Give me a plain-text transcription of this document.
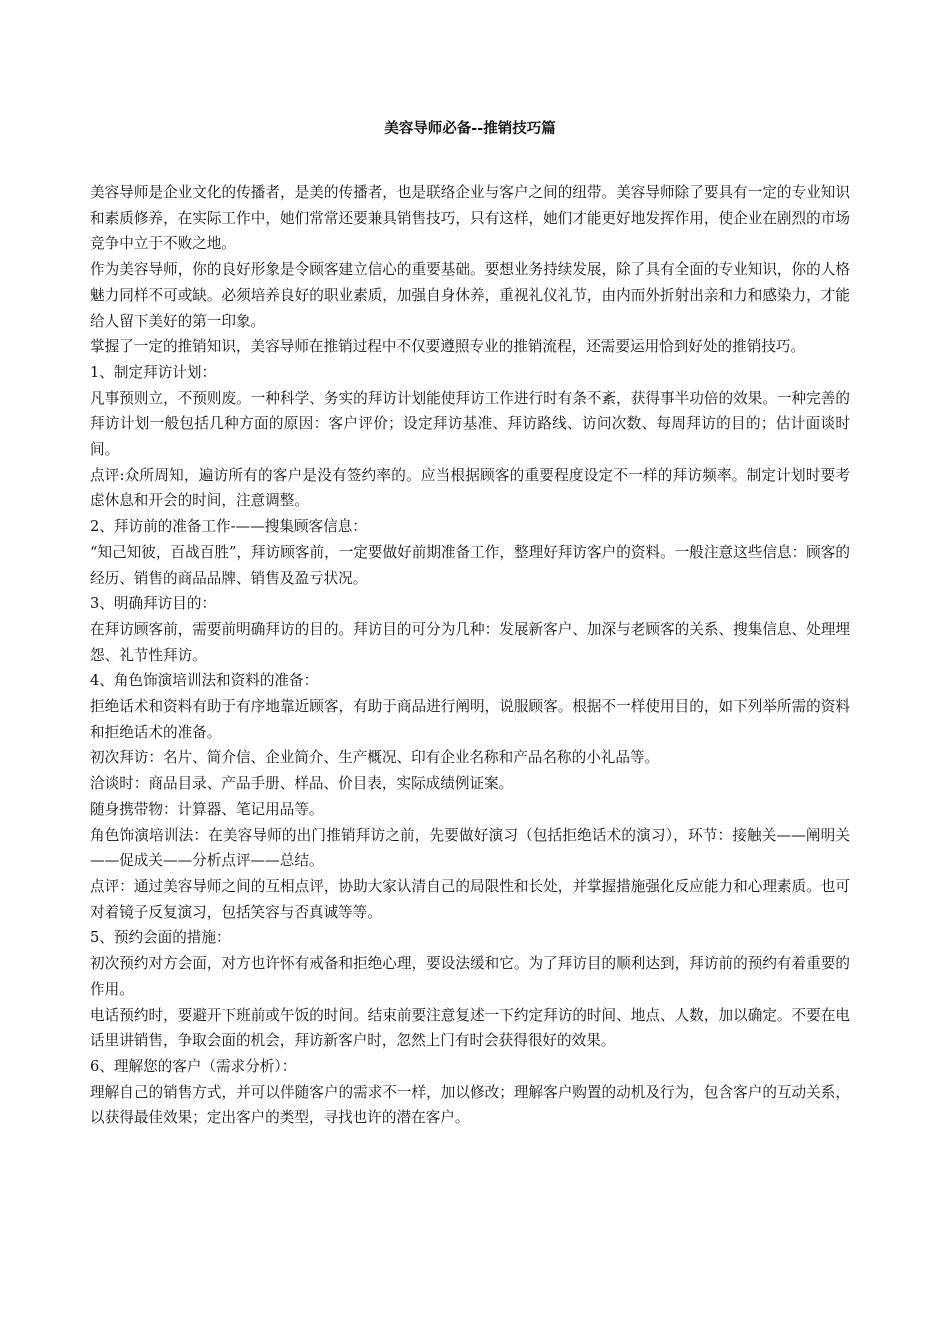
美容导师必备--推销技巧篇

美容导师是企业文化的传播者，是美的传播者，也是联络企业与客户之间的纽带。美容导师除了要具有一定的专业知识和素质修养，在实际工作中，她们常常还要兼具销售技巧，只有这样，她们才能更好地发挥作用，使企业在剧烈的市场竞争中立于不败之地。

作为美容导师，你的良好形象是令顾客建立信心的重要基础。要想业务持续发展，除了具有全面的专业知识，你的人格魅力同样不可或缺。必须培养良好的职业素质，加强自身休养，重视礼仪礼节，由内而外折射出亲和力和感染力，才能给人留下美好的第一印象。

掌握了一定的推销知识，美容导师在推销过程中不仅要遵照专业的推销流程，还需要运用恰到好处的推销技巧。

1、制定拜访计划：

凡事预则立，不预则废。一种科学、务实的拜访计划能使拜访工作进行时有条不紊，获得事半功倍的效果。一种完善的拜访计划一般包括几种方面的原因：客户评价；设定拜访基准、拜访路线、访问次数、每周拜访的目的；估计面谈时间。

点评:众所周知，遍访所有的客户是没有签约率的。应当根据顾客的重要程度设定不一样的拜访频率。制定计划时要考虑休息和开会的时间，注意调整。

2、拜访前的准备工作-——搜集顾客信息：

“知己知彼，百战百胜”，拜访顾客前，一定要做好前期准备工作，整理好拜访客户的资料。一般注意这些信息：顾客的经历、销售的商品品牌、销售及盈亏状况。

3、明确拜访目的：

在拜访顾客前，需要前明确拜访的目的。拜访目的可分为几种：发展新客户、加深与老顾客的关系、搜集信息、处理埋怨、礼节性拜访。

4、角色饰演培训法和资料的准备：

拒绝话术和资料有助于有序地靠近顾客，有助于商品进行阐明，说服顾客。根据不一样使用目的，如下列举所需的资料和拒绝话术的准备。

初次拜访：名片、简介信、企业简介、生产概况、印有企业名称和产品名称的小礼品等。

洽谈时：商品目录、产品手册、样品、价目表，实际成绩例证案。

随身携带物：计算器、笔记用品等。

角色饰演培训法：在美容导师的出门推销拜访之前，先要做好演习（包括拒绝话术的演习），环节：接触关——阐明关——促成关——分析点评——总结。

点评：通过美容导师之间的互相点评，协助大家认清自己的局限性和长处，并掌握措施强化反应能力和心理素质。也可对着镜子反复演习，包括笑容与否真诚等等。

5、预约会面的措施：

初次预约对方会面，对方也许怀有戒备和拒绝心理，要设法缓和它。为了拜访目的顺利达到，拜访前的预约有着重要的作用。

电话预约时，要避开下班前或午饭的时间。结束前要注意复述一下约定拜访的时间、地点、人数，加以确定。不要在电话里讲销售，争取会面的机会，拜访新客户时，忽然上门有时会获得很好的效果。

6、理解您的客户（需求分析）：

理解自己的销售方式，并可以伴随客户的需求不一样，加以修改；理解客户购置的动机及行为，包含客户的互动关系，以获得最佳效果；定出客户的类型，寻找也许的潜在客户。
